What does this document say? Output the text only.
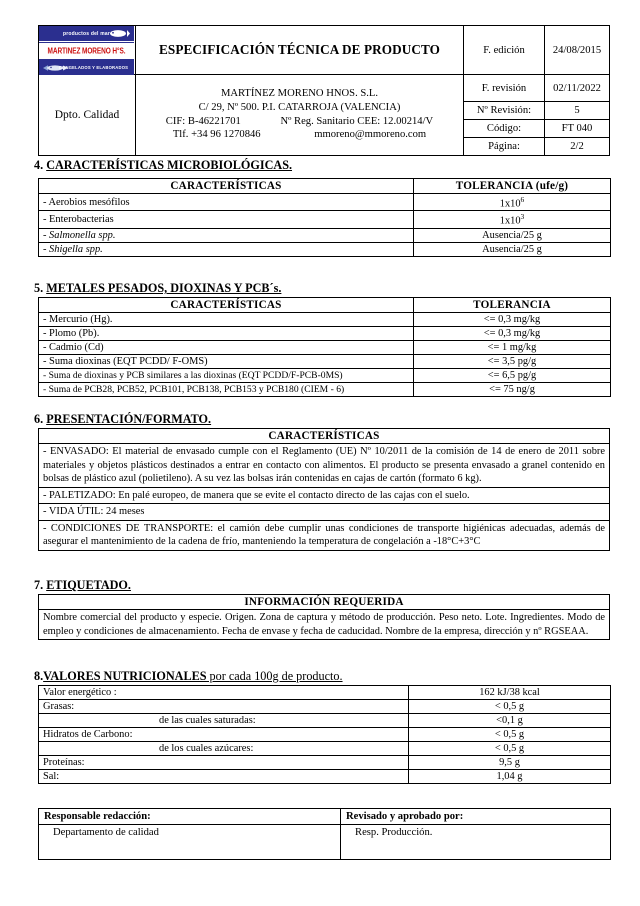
productos del mar
MARTINEZ MORENO H°S.
CONGELADOS Y ELABORADOS	ESPECIFICACIÓN TÉCNICA DE PRODUCTO	F. edición	24/08/2015
Dpto. Calidad	
MARTÍNEZ MORENO HNOS. S.L.
C/ 29, Nº 500. P.I. CATARROJA (VALENCIA)
CIF: B-46221701	Nº Reg. Sanitario CEE: 12.00214/V
Tlf. +34 96 1270846	mmoreno@mmoreno.com
	F. revisión	02/11/2022
		Nº Revisión:	5
		Código:	FT 040
		Página:	2/2
4. CARACTERÍSTICAS MICROBIOLÓGICAS.
CARACTERÍSTICAS	TOLERANCIA (ufe/g)
- Aerobios mesófilos	$1x10^6$
- Enterobacterias	$1x10^3$
- Salmonella spp.	Ausencia/25 g
- Shigella spp.	Ausencia/25 g
5. METALES PESADOS, DIOXINAS Y PCB´s.
CARACTERÍSTICAS	TOLERANCIA
- Mercurio (Hg).	<= 0,3 mg/kg
- Plomo (Pb).	<= 0,3 mg/kg
- Cadmio (Cd)	<= 1 mg/kg
- Suma dioxinas (EQT PCDD/ F-OMS)	<= 3,5 pg/g
- Suma de dioxinas y PCB similares a las dioxinas (EQT PCDD/F-PCB-0MS)	<= 6,5 pg/g
- Suma de PCB28, PCB52, PCB101, PCB138, PCB153 y PCB180 (CIEM - 6)	<= 75 ng/g
6. PRESENTACIÓN/FORMATO.
CARACTERÍSTICAS
- ENVASADO: El material de envasado cumple con el Reglamento (UE) Nº 10/2011 de la comisión de 14 de enero de 2011 sobre materiales y objetos plásticos destinados a entrar en contacto con alimentos. El producto se presenta envasado a granel contenido en bolsas de plástico azul (polietileno). A su vez las bolsas irán contenidas en cajas de cartón (formato 6 kg).
- PALETIZADO: En palé europeo, de manera que se evite el contacto directo de las cajas con el suelo.
- VIDA ÚTIL: 24 meses
- CONDICIONES DE TRANSPORTE: el camión debe cumplir unas condiciones de transporte higiénicas adecuadas, además de asegurar el mantenimiento de la cadena de frío, manteniendo la temperatura de congelación a -18°C+3°C
7. ETIQUETADO.
INFORMACIÓN REQUERIDA
Nombre comercial del producto y especie. Origen. Zona de captura y método de producción. Peso neto. Lote. Ingredientes. Modo de empleo y condiciones de almacenamiento. Fecha de envase y fecha de caducidad. Nombre de la empresa, dirección y nº RGSEAA.
8.VALORES NUTRICIONALES por cada 100g de producto.
Valor energético :	162 kJ/38 kcal
Grasas:	< 0,5 g
de las cuales saturadas:	<0,1 g
Hidratos de Carbono:	< 0,5 g
de los cuales azúcares:	< 0,5 g
Proteínas:	9,5 g
Sal:	1,04 g
Responsable redacción:	Revisado y aprobado por:
Departamento de calidad	Resp. Producción.
